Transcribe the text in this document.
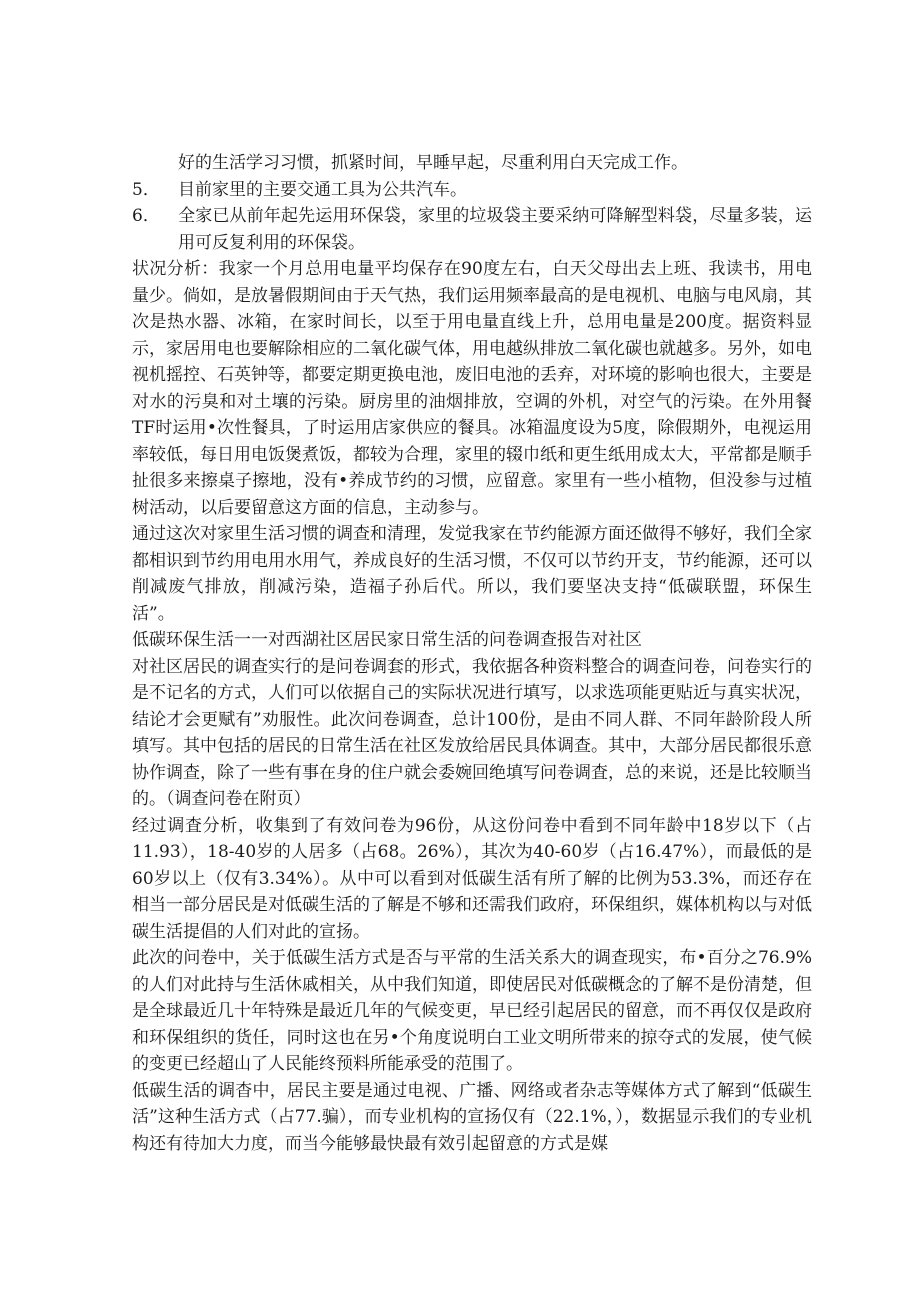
好的生活学习习惯，抓紧时间，早睡早起，尽重利用白天完成工作。

5． 目前家里的主要交通工具为公共汽车。

6． 全家已从前年起先运用环保袋，家里的垃圾袋主要采纳可降解型料袋，尽量多装，运用可反复利用的环保袋。

状况分析：我家一个月总用电量平均保存在90度左右，白天父母出去上班、我读书，用电量少。倘如，是放暑假期间由于天气热，我们运用频率最高的是电视机、电脑与电风扇，其次是热水器、冰箱，在家时间长，以至于用电量直线上升，总用电量是200度。据资料显示，家居用电也要解除相应的二氧化碳气体，用电越纵排放二氧化碳也就越多。另外，如电视机摇控、石英钟等，都要定期更换电池，废旧电池的丢弃，对环境的影响也很大，主要是对水的污臭和对土壤的污染。厨房里的油烟排放，空调的外机，对空气的污染。在外用餐TF时运用•次性餐具，了时运用店家供应的餐具。冰箱温度设为5度，除假期外，电视运用率较低，每日用电饭煲煮饭，都较为合理，家里的辍巾纸和更生纸用成太大，平常都是顺手扯很多来擦桌子擦地，没有•养成节约的习惯，应留意。家里有一些小植物，但没参与过植树活动，以后要留意这方面的信息，主动参与。

通过这次对家里生活习惯的调查和清理，发觉我家在节约能源方面还做得不够好，我们全家都相识到节约用电用水用气，养成良好的生活习惯，不仅可以节约开支，节约能源，还可以削减废气排放，削减污染，造福子孙后代。所以，我们要坚决支持“低碳联盟，环保生活”。

低碳环保生活一一对西湖社区居民家日常生活的问卷调查报告对社区

对社区居民的调查实行的是问卷调套的形式，我依据各种资料整合的调查问卷，问卷实行的是不记名的方式，人们可以依据自己的实际状况进行填写，以求选项能更贴近与真实状况，结论才会更赋有”劝服性。此次问卷调查，总计100份，是由不同人群、不同年龄阶段人所填写。其中包括的居民的日常生活在社区发放给居民具体调查。其中，大部分居民都很乐意协作调查，除了一些有事在身的住户就会委婉回绝填写问卷调査，总的来说，还是比较顺当的。（调查问卷在附页）

经过调査分析，收集到了有效问卷为96份，从这份问卷中看到不同年龄中18岁以下（占11.93），18-40岁的人居多（占68。26%），其次为40-60岁（占16.47%），而最低的是60岁以上（仅有3.34%）。从中可以看到对低碳生活有所了解的比例为53.3%，而还存在相当一部分居民是对低碳生活的了解是不够和还需我们政府，环保组织，媒体机构以与对低碳生活提倡的人们对此的宣扬。

此次的问卷中，关于低碳生活方式是否与平常的生活关系大的调查现实，布•百分之76.9%的人们对此持与生活休戚相关，从中我们知道，即使居民对低碳概念的了解不是份清楚，但是全球最近几十年特殊是最近几年的气候变更，早已经引起居民的留意，而不再仅仅是政府和环保组织的货任，同时这也在另•个角度说明白工业文明所带来的掠夺式的发展，使气候的变更已经超山了人民能终预料所能承受的范围了。

低碳生活的调杳中，居民主要是通过电视、广播、网络或者杂志等媒体方式了解到“低碳生活”这种生活方式（占77.骗），而专业机构的宣扬仅有（22.1%，），数据显示我们的专业机构还有待加大力度，而当今能够最快最有效引起留意的方式是媒
